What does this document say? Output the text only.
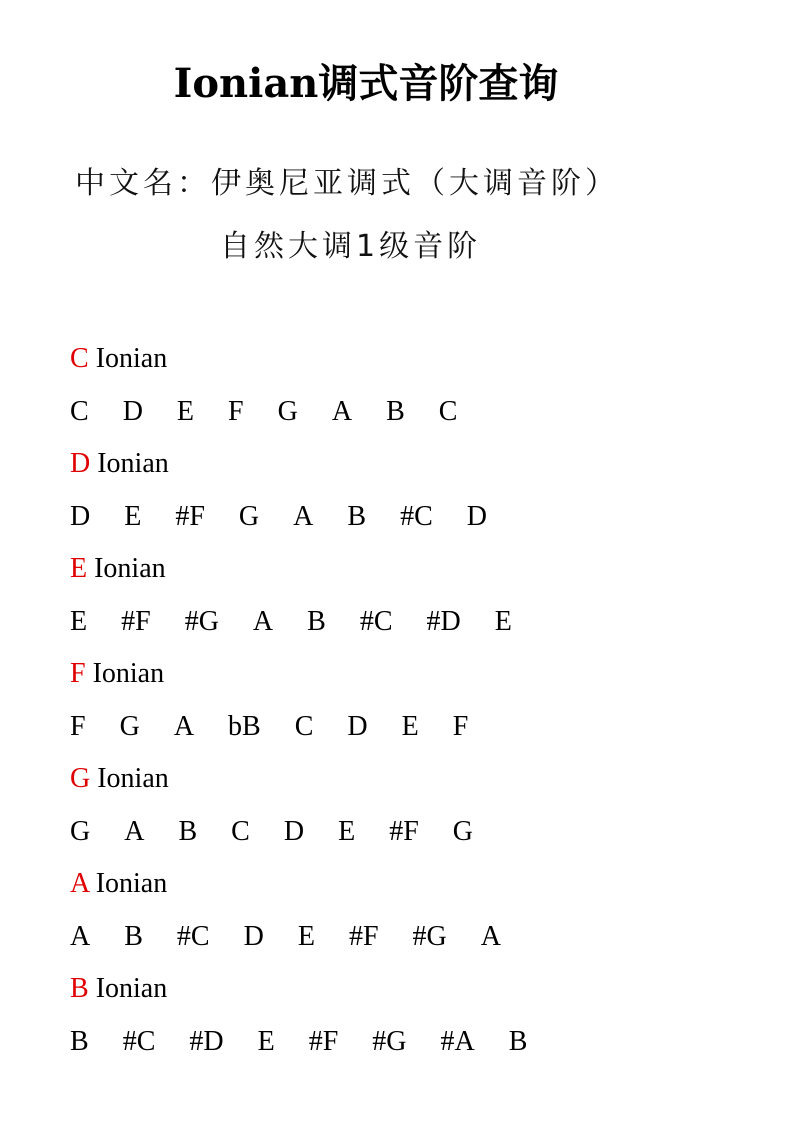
Ionian调式音阶查询
中文名：伊奥尼亚调式（大调音阶）
自然大调1级音阶
C Ionian
C D E F G A B C
D Ionian
D E #F G A B #C D
E Ionian
E #F #G A B #C #D E
F Ionian
F G A bB C D E F
G Ionian
G A B C D E #F G
A Ionian
A B #C D E #F #G A
B Ionian
B #C #D E #F #G #A B
